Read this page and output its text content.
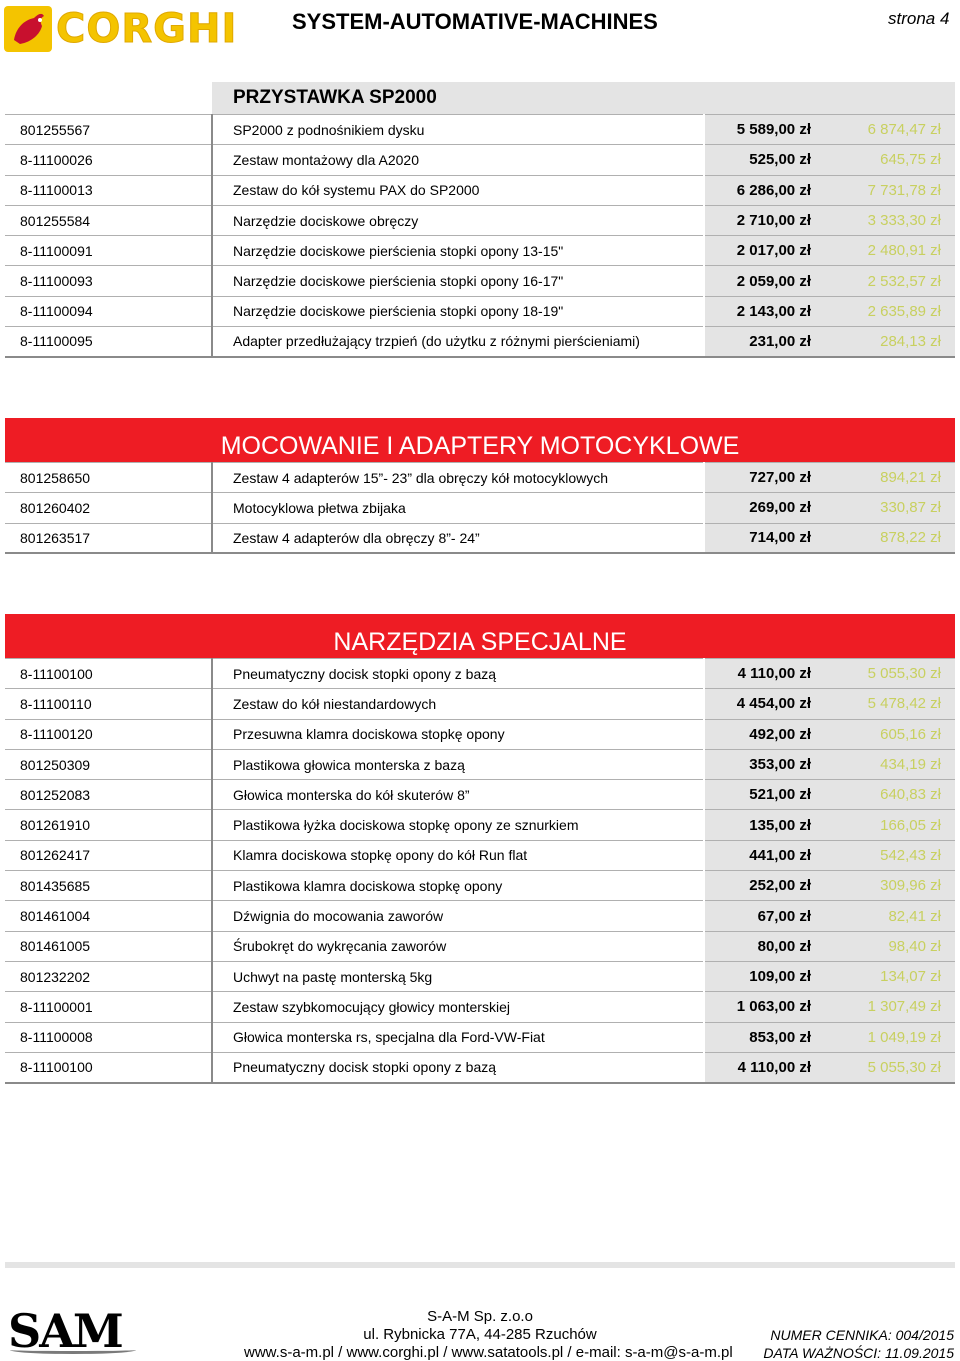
CORGHI SYSTEM-AUTOMATIVE-MACHINES	strona 4
PRZYSTAWKA SP2000
801255567	SP2000 z podnośnikiem dysku	5 589,00 zł	6 874,47 zł
8-11100026	Zestaw montażowy dla A2020	525,00 zł	645,75 zł
8-11100013	Zestaw do kół systemu PAX do SP2000	6 286,00 zł	7 731,78 zł
801255584	Narzędzie dociskowe obręczy	2 710,00 zł	3 333,30 zł
8-11100091	Narzędzie dociskowe pierścienia stopki opony 13-15"	2 017,00 zł	2 480,91 zł
8-11100093	Narzędzie dociskowe pierścienia stopki opony 16-17"	2 059,00 zł	2 532,57 zł
8-11100094	Narzędzie dociskowe pierścienia stopki opony 18-19"	2 143,00 zł	2 635,89 zł
8-11100095	Adapter przedłużający trzpień (do użytku z różnymi pierścieniami)	231,00 zł	284,13 zł
MOCOWANIE I ADAPTERY MOTOCYKLOWE
801258650	Zestaw 4 adapterów 15”- 23” dla obręczy kół motocyklowych	727,00 zł	894,21 zł
801260402	Motocyklowa płetwa zbijaka	269,00 zł	330,87 zł
801263517	Zestaw 4 adapterów dla obręczy 8”- 24”	714,00 zł	878,22 zł
NARZĘDZIA SPECJALNE
8-11100100	Pneumatyczny docisk stopki opony z bazą	4 110,00 zł	5 055,30 zł
8-11100110	Zestaw do kół niestandardowych	4 454,00 zł	5 478,42 zł
8-11100120	Przesuwna klamra dociskowa stopkę opony	492,00 zł	605,16 zł
801250309	Plastikowa głowica monterska z bazą	353,00 zł	434,19 zł
801252083	Głowica monterska do kół skuterów 8”	521,00 zł	640,83 zł
801261910	Plastikowa łyżka dociskowa stopkę opony ze sznurkiem	135,00 zł	166,05 zł
801262417	Klamra dociskowa stopkę opony do kół Run flat	441,00 zł	542,43 zł
801435685	Plastikowa klamra dociskowa stopkę opony	252,00 zł	309,96 zł
801461004	Dźwignia do mocowania zaworów	67,00 zł	82,41 zł
801461005	Śrubokręt do wykręcania zaworów	80,00 zł	98,40 zł
801232202	Uchwyt na pastę monterską 5kg	109,00 zł	134,07 zł
8-11100001	Zestaw szybkomocujący głowicy monterskiej	1 063,00 zł	1 307,49 zł
8-11100008	Głowica monterska rs, specjalna dla Ford-VW-Fiat	853,00 zł	1 049,19 zł
8-11100100	Pneumatyczny docisk stopki opony z bazą	4 110,00 zł	5 055,30 zł
SAM	S-A-M Sp. z.o.o
ul. Rybnicka 77A, 44-285 Rzuchów
www.s-a-m.pl / www.corghi.pl / www.satatools.pl / e-mail: s-a-m@s-a-m.pl
NUMER CENNIKA: 004/2015
DATA WAŻNOŚCI: 11.09.2015
